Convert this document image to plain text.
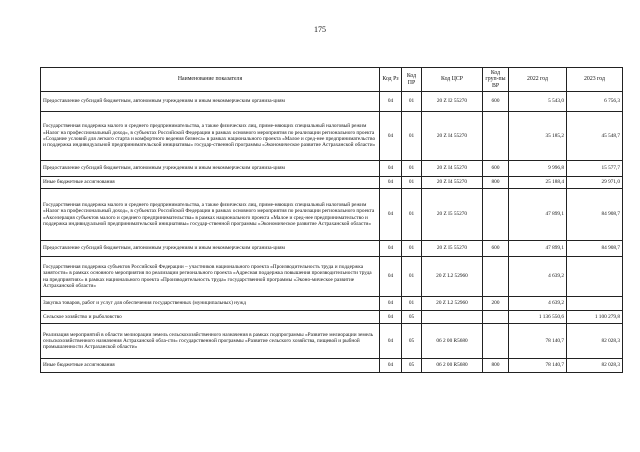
175
Наименование показателя	Код Рз	Код ПР	Код ЦСР	Код груп-пы ВР	2022 год	2023 год
Предоставление субсидий бюджетным, автономным учреждениям и иным некоммерческим организа-циям	04	01	20 Z I2 55270	600	5 543,0	6 756,3
Государственная поддержка малого и среднего предпринимательства, а также физических лиц, приме-няющих специальный налоговый режим «Налог на профессиональный доход», в субъектах Российской Федерации в рамках основного мероприятия по реализации регионального проекта «Создание условий для легкого старта и комфортного ведения бизнеса» в рамках национального проекта «Малое и сред-нее предпринимательство и поддержка индивидуальной предпринимательской инициативы» государ-ственной программы «Экономическое развитие Астраханской области»	04	01	20 Z I4 55270		35 185,2	45 548,7
Предоставление субсидий бюджетным, автономным учреждениям и иным некоммерческим организа-циям	04	01	20 Z I4 55270	600	9 996,8	15 577,7
Иные бюджетные ассигнования	04	01	20 Z I4 55270	800	25 188,4	29 971,0
Государственная поддержка малого и среднего предпринимательства, а также физических лиц, приме-няющих специальный налоговый режим «Налог на профессиональный доход», в субъектах Российской Федерации в рамках основного мероприятия по реализации регионального проекта «Акселерация субъектов малого и среднего предпринимательства» в рамках национального проекта «Малое и сред-нее предпринимательство и поддержка индивидуальной предпринимательской инициативы» государ-ственной программы «Экономическое развитие Астраханской области»	04	01	20 Z I5 55270		47 899,1	84 908,7
Предоставление субсидий бюджетным, автономным учреждениям и иным некоммерческим организа-циям	04	01	20 Z I5 55270	600	47 899,1	84 908,7
Государственная поддержка субъектов Российской Федерации – участников национального проекта «Производительность труда и поддержка занятости» в рамках основного мероприятия по реализации регионального проекта «Адресная поддержка повышения производительности труда на предприятиях» в рамках национального проекта «Производительность труда» государственной программы «Эконо-мическое развитие Астраханской области»	04	01	20 Z L2 52960		4 639,2	
Закупка товаров, работ и услуг для обеспечения государственных (муниципальных) нужд	04	01	20 Z L2 52960	200	4 639,2	
Сельское хозяйство и рыболовство	04	05			1 136 550,6	1 100 279,8
Реализация мероприятий в области мелиорации земель сельскохозяйственного назначения в рамках подпрограммы «Развитие мелиорации земель сельскохозяйственного назначения Астраханской обла-сти» государственной программы «Развитие сельского хозяйства, пищевой и рыбной промышленности Астраханской области»	04	05	06 2 00 R5680		78 140,7	82 028,3
Иные бюджетные ассигнования	04	05	06 2 00 R5680	800	78 140,7	82 028,3
